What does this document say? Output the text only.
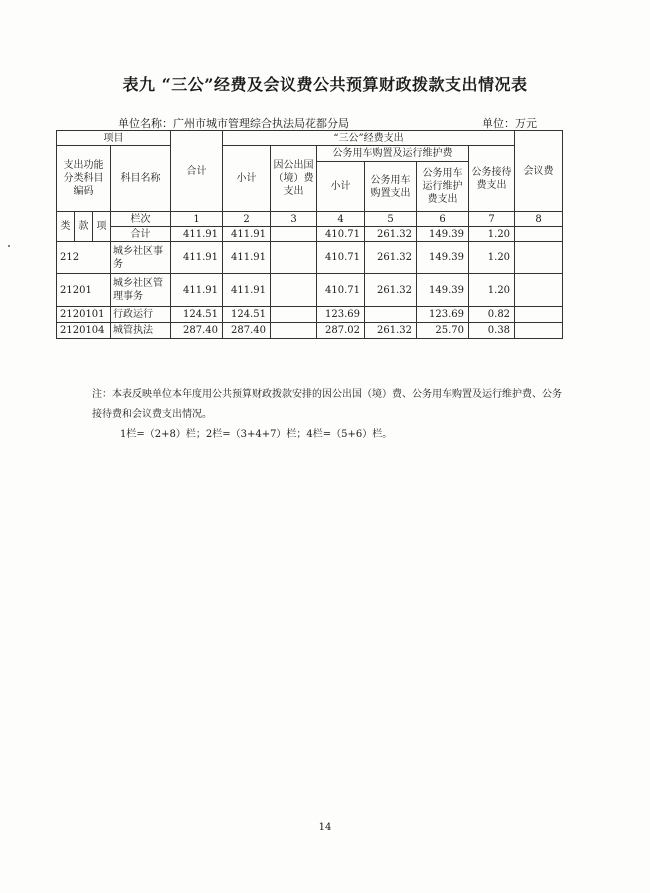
表九 “三公”经费及会议费公共预算财政拨款支出情况表
单位名称：广州市城市管理综合执法局花都分局	单位：万元
项目				合计	“三公”经费支出						会议费
支出功能分类科目编码			科目名称		小计	因公出国（境）费支出	公务用车购置及运行维护费			公务接待费支出	
							小计	公务用车购置支出	公务用车运行维护费支出		
类	款	项	栏次	1	2	3	4	5	6	7	8
			合计	411.91	411.91		410.71	261.32	149.39	1.20	
212			城乡社区事务	411.91	411.91		410.71	261.32	149.39	1.20	
21201			城乡社区管理事务	411.91	411.91		410.71	261.32	149.39	1.20	
2120101			行政运行	124.51	124.51		123.69		123.69	0.82	
2120104			城管执法	287.40	287.40		287.02	261.32	25.70	0.38	
注：本表反映单位本年度用公共预算财政拨款安排的因公出国（境）费、公务用车购置及运行维护费、公务接待费和会议费支出情况。
1栏=（2+8）栏；2栏=（3+4+7）栏；4栏=（5+6）栏。
14
